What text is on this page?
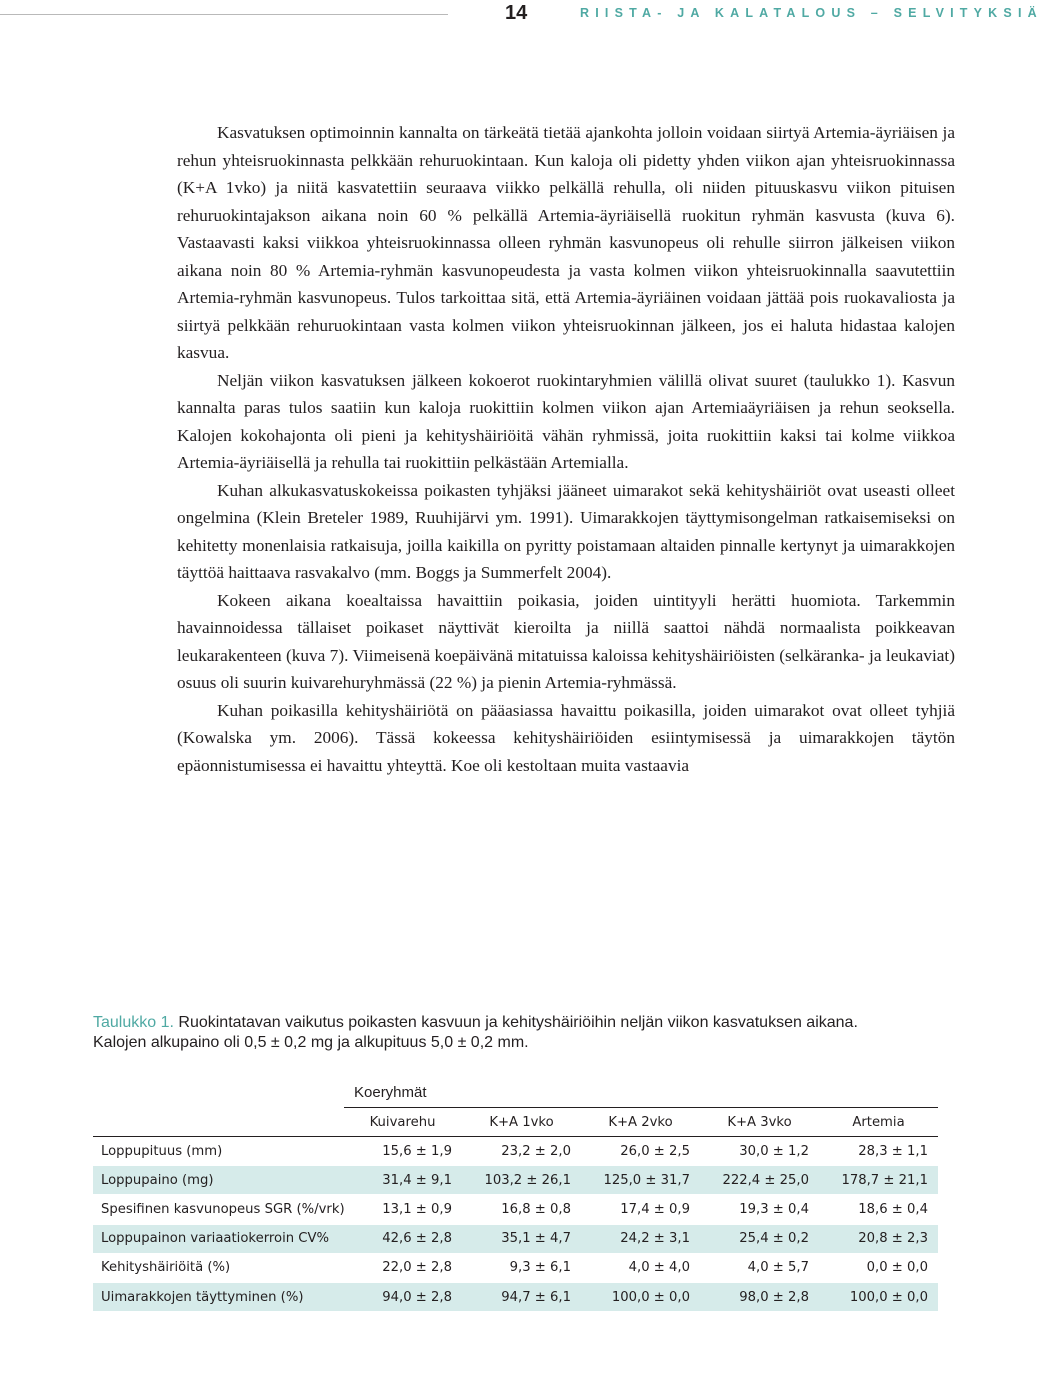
14	RIISTA- JA KALATALOUS – SELVITYKSIÄ

Kasvatuksen optimoinnin kannalta on tärkeätä tietää ajankohta jolloin voidaan siirtyä Artemia-äyriäisen ja rehun yhteisruokinnasta pelkkään rehuruokintaan. Kun kaloja oli pidetty yhden viikon ajan yhteisruokinnassa (K+A 1vko) ja niitä kasvatettiin seuraava viikko pelkällä rehulla, oli niiden pituuskasvu viikon pituisen rehuruokintajakson aikana noin 60 % pelkällä Artemia-äyriäisellä ruokitun ryhmän kasvusta (kuva 6). Vastaavasti kaksi viikkoa yhteisruokinnassa olleen ryhmän kasvunopeus oli rehulle siirron jälkeisen viikon aikana noin 80 % Artemia-ryhmän kasvunopeudesta ja vasta kolmen viikon yhteisruokinnalla saavutettiin Artemia-ryhmän kasvunopeus. Tulos tarkoittaa sitä, että Artemia-äyriäinen voidaan jättää pois ruokavaliosta ja siirtyä pelkkään rehuruokintaan vasta kolmen viikon yhteisruokinnan jälkeen, jos ei haluta hidastaa kalojen kasvua.

Neljän viikon kasvatuksen jälkeen kokoerot ruokintaryhmien välillä olivat suuret (taulukko 1). Kasvun kannalta paras tulos saatiin kun kaloja ruokittiin kolmen viikon ajan Artemiaäyriäisen ja rehun seoksella. Kalojen kokohajonta oli pieni ja kehityshäiriöitä vähän ryhmissä, joita ruokittiin kaksi tai kolme viikkoa Artemia-äyriäisellä ja rehulla tai ruokittiin pelkästään Artemialla.

Kuhan alkukasvatuskokeissa poikasten tyhjäksi jääneet uimarakot sekä kehityshäiriöt ovat useasti olleet ongelmina (Klein Breteler 1989, Ruuhijärvi ym. 1991). Uimarakkojen täyttymisongelman ratkaisemiseksi on kehitetty monenlaisia ratkaisuja, joilla kaikilla on pyritty poistamaan altaiden pinnalle kertynyt ja uimarakkojen täyttöä haittaava rasvakalvo (mm. Boggs ja Summerfelt 2004).

Kokeen aikana koealtaissa havaittiin poikasia, joiden uintityyli herätti huomiota. Tarkemmin havainnoidessa tällaiset poikaset näyttivät kieroilta ja niillä saattoi nähdä normaalista poikkeavan leukarakenteen (kuva 7). Viimeisenä koepäivänä mitatuissa kaloissa kehityshäiriöisten (selkäranka- ja leukaviat) osuus oli suurin kuivarehuryhmässä (22 %) ja pienin Artemia-ryhmässä.

Kuhan poikasilla kehityshäiriötä on pääasiassa havaittu poikasilla, joiden uimarakot ovat olleet tyhjiä (Kowalska ym. 2006). Tässä kokeessa kehityshäiriöiden esiintymisessä ja uimarakkojen täytön epäonnistumisessa ei havaittu yhteyttä. Koe oli kestoltaan muita vastaavia

Taulukko 1. Ruokintatavan vaikutus poikasten kasvuun ja kehityshäiriöihin neljän viikon kasvatuksen aikana. Kalojen alkupaino oli 0,5 ± 0,2 mg ja alkupituus 5,0 ± 0,2 mm.
Koeryhmät
	Kuivarehu	K+A 1vko	K+A 2vko	K+A 3vko	Artemia
Loppupituus (mm)	15,6 ± 1,9	23,2 ± 2,0	26,0 ± 2,5	30,0 ± 1,2	28,3 ± 1,1
Loppupaino (mg)	31,4 ± 9,1	103,2 ± 26,1	125,0 ± 31,7	222,4 ± 25,0	178,7 ± 21,1
Spesifinen kasvunopeus SGR (%/vrk)	13,1 ± 0,9	16,8 ± 0,8	17,4 ± 0,9	19,3 ± 0,4	18,6 ± 0,4
Loppupainon variaatiokerroin CV%	42,6 ± 2,8	35,1 ± 4,7	24,2 ± 3,1	25,4 ± 0,2	20,8 ± 2,3
Kehityshäiriöitä (%)	22,0 ± 2,8	9,3 ± 6,1	4,0 ± 4,0	4,0 ± 5,7	0,0 ± 0,0
Uimarakkojen täyttyminen (%)	94,0 ± 2,8	94,7 ± 6,1	100,0 ± 0,0	98,0 ± 2,8	100,0 ± 0,0
